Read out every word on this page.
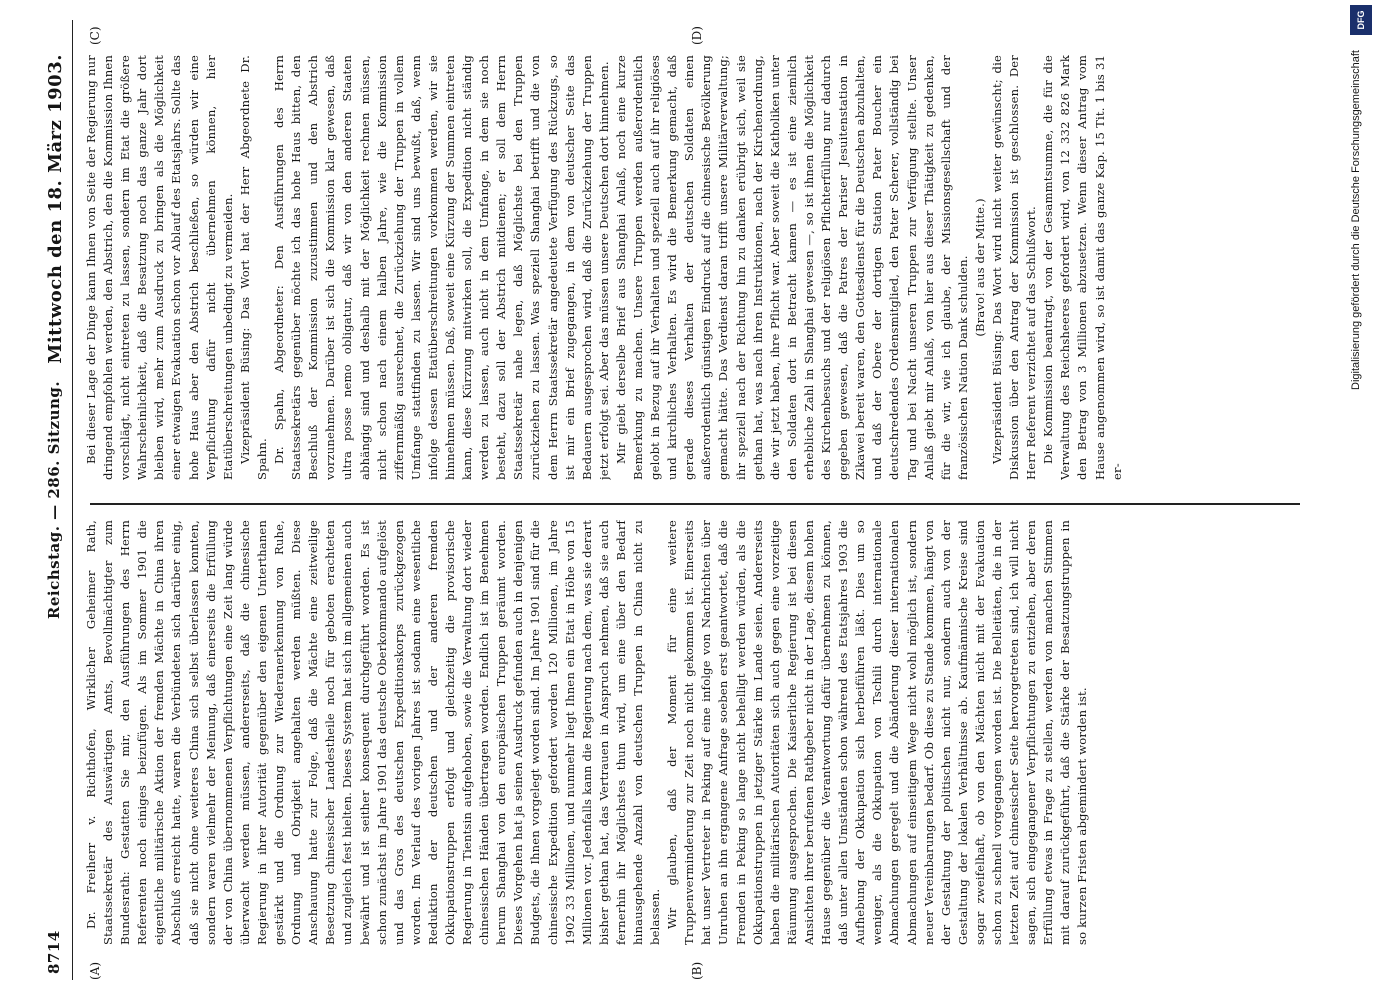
8714
Reichstag. — 286. Sitzung.
Mittwoch den 18. März 1903.
(A)	(B)
(C)	(D)

Dr. Freiherr v. Richthofen, Wirklicher Geheimer Rath, Staatssekretär des Auswärtigen Amts, Bevollmächtigter zum Bundesrath: Gestatten Sie mir, den Ausführungen des Herrn Referenten noch einiges beizufügen. Als im Sommer 1901 die eigentliche militärische Aktion der fremden Mächte in China ihren Abschluß erreicht hatte, waren die Verbündeten sich darüber einig, daß sie nicht ohne weiteres China sich selbst überlassen konnten, sondern waren vielmehr der Meinung, daß einerseits die Erfüllung der von China übernommenen Verpflichtungen eine Zeit lang würde überwacht werden müssen, andererseits, daß die chinesische Regierung in ihrer Autorität gegenüber den eigenen Unterthanen gestärkt und die Ordnung zur Wiederanerkennung von Ruhe, Ordnung und Obrigkeit angehalten werden müßten. Diese Anschauung hatte zur Folge, daß die Mächte eine zeitweilige Besetzung chinesischer Landestheile noch für geboten erachteten und zugleich fest hielten. Dieses System hat sich im allgemeinen auch bewährt und ist seither konsequent durchgeführt worden. Es ist schon zunächst im Jahre 1901 das deutsche Oberkommando aufgelöst und das Gros des deutschen Expeditionskorps zurückgezogen worden. Im Verlauf des vorigen Jahres ist sodann eine wesentliche Reduktion der deutschen und der anderen fremden Okkupationstruppen erfolgt und gleichzeitig die provisorische Regierung in Tientsin aufgehoben, sowie die Verwaltung dort wieder chinesischen Händen übertragen worden. Endlich ist im Benehmen herum Shanghai von den europäischen Truppen geräumt worden. Dieses Vorgehen hat ja seinen Ausdruck gefunden auch in denjenigen Budgets, die Ihnen vorgelegt worden sind. Im Jahre 1901 sind für die chinesische Expedition gefordert worden 120 Millionen, im Jahre 1902 33 Millionen, und nunmehr liegt Ihnen ein Etat in Höhe von 15 Millionen vor. Jedenfalls kann die Regierung nach dem, was sie derart bisher gethan hat, das Vertrauen in Anspruch nehmen, daß sie auch fernerhin ihr Möglichstes thun wird, um eine über den Bedarf hinausgehende Anzahl von deutschen Truppen in China nicht zu belassen. Wir glauben, daß der Moment für eine weitere Truppenverminderung zur Zeit noch nicht gekommen ist. Einerseits hat unser Vertreter in Peking auf eine infolge von Nachrichten über Unruhen an ihn ergangene Anfrage soeben erst geantwortet, daß die Fremden in Peking so lange nicht behelligt werden würden, als die Okkupationstruppen in jetziger Stärke im Lande seien. Andererseits haben die militärischen Autoritäten sich auch gegen eine vorzeitige Räumung ausgesprochen. Die Kaiserliche Regierung ist bei diesen Ansichten ihrer berufenen Rathgeber nicht in der Lage, diesem hohen Hause gegenüber die Verantwortung dafür übernehmen zu können, daß unter allen Umständen schon während des Etatsjahres 1903 die Aufhebung der Okkupation sich herbeiführen läßt. Dies um so weniger, als die Okkupation von Tschili durch internationale Abmachungen geregelt und die Abänderung dieser internationalen Abmachungen auf einseitigem Wege nicht wohl möglich ist, sondern neuer Vereinbarungen bedarf. Ob diese zu Stande kommen, hängt von der Gestaltung der politischen nicht nur, sondern auch von der Gestaltung der lokalen Verhältnisse ab. Kaufmännische Kreise sind sogar zweifelhaft, ob von den Mächten nicht mit der Evakuation schon zu schnell vorgegangen worden ist. Die Belleitäten, die in der letzten Zeit auf chinesischer Seite hervorgetreten sind, ich will nicht sagen, sich eingegangener Verpflichtungen zu entziehen, aber deren Erfüllung etwas in Frage zu stellen, werden von manchen Stimmen mit darauf zurückgeführt, daß die Stärke der Besatzungstruppen in so kurzen Fristen abgemindert worden ist.

Bei dieser Lage der Dinge kann Ihnen von Seite der Regierung nur dringend empfohlen werden, den Abstrich, den die Kommission Ihnen vorschlägt, nicht eintreten zu lassen, sondern im Etat die größere Wahrscheinlichkeit, daß die Besatzung noch das ganze Jahr dort bleiben wird, mehr zum Ausdruck zu bringen als die Möglichkeit einer etwaigen Evakuation schon vor Ablauf des Etatsjahrs. Sollte das hohe Haus aber den Abstrich beschließen, so würden wir eine Verpflichtung dafür nicht übernehmen können, hier Etatüberschreitungen unbedingt zu vermeiden. Vizepräsident Büsing: Das Wort hat der Herr Abgeordnete Dr. Spahn. Dr. Spahn, Abgeordneter: Den Ausführungen des Herrn Staatssekretärs gegenüber möchte ich das hohe Haus bitten, den Beschluß der Kommission zuzustimmen und den Abstrich vorzunehmen. Darüber ist sich die Kommission klar gewesen, daß ultra posse nemo obligatur, daß wir von den anderen Staaten abhängig sind und deshalb mit der Möglichkeit rechnen müssen, nicht schon nach einem halben Jahre, wie die Kommission ziffernmäßig ausrechnet, die Zurückziehung der Truppen in vollem Umfange stattfinden zu lassen. Wir sind uns bewußt, daß, wenn infolge dessen Etatüberschreitungen vorkommen werden, wir sie hinnehmen müssen. Daß, soweit eine Kürzung der Summen eintreten kann, diese Kürzung mitwirken soll, die Expedition nicht ständig werden zu lassen, auch nicht in dem Umfange, in dem sie noch besteht, dazu soll der Abstrich mitdienen; er soll dem Herrn Staatssekretär nahe legen, daß Möglichste bei den Truppen zurückziehen zu lassen. Was speziell Shanghai betrifft und die von dem Herrn Staatssekretär angedeutete Verfügung des Rückzugs, so ist mir ein Brief zugegangen, in dem von deutscher Seite das Bedauern ausgesprochen wird, daß die Zurückziehung der Truppen jetzt erfolgt sei. Aber das müssen unsere Deutschen dort hinnehmen. Mir giebt derselbe Brief aus Shanghai Anlaß, noch eine kurze Bemerkung zu machen. Unsere Truppen werden außerordentlich gelobt in Bezug auf ihr Verhalten und speziell auch auf ihr religiöses und kirchliches Verhalten. Es wird die Bemerkung gemacht, daß gerade dieses Verhalten der deutschen Soldaten einen außerordentlich günstigen Eindruck auf die chinesische Bevölkerung gemacht hätte. Das Verdienst daran trifft unsere Militärverwaltung; ihr speziell nach der Richtung hin zu danken erübrigt sich, weil sie gethan hat, was nach ihren Instruktionen, nach der Kirchenordnung, die wir jetzt haben, ihre Pflicht war. Aber soweit die Katholiken unter den Soldaten dort in Betracht kamen — es ist eine ziemlich erhebliche Zahl in Shanghai gewesen —, so ist ihnen die Möglichkeit des Kirchenbesuchs und der religiösen Pflichterfüllung nur dadurch gegeben gewesen, daß die Patres der Pariser Jesuitenstation in Zikawei bereit waren, den Gottesdienst für die Deutschen abzuhalten, und daß der Obere der dortigen Station Pater Boucher ein deutschredendes Ordensmitglied, den Pater Scherer, vollständig bei Tag und bei Nacht unseren Truppen zur Verfügung stellte. Unser Anlaß giebt mir Anlaß, von hier aus dieser Thätigkeit zu gedenken, für die wir, wie ich glaube, der Missionsgesellschaft und der französischen Nation Dank schulden. (Bravo! aus der Mitte.) Vizepräsident Büsing: Das Wort wird nicht weiter gewünscht; die Diskussion über den Antrag der Kommission ist geschlossen. Der Herr Referent verzichtet auf das Schlußwort. Die Kommission beantragt, von der Gesammtsumme, die für die Verwaltung des Reichsheeres gefordert wird, von 12 332 826 Mark den Betrag von 3 Millionen abzusetzen. Wenn dieser Antrag vom Hause angenommen wird, so ist damit das ganze Kap. 15 Tit. 1 bis 31 er-

Digitalisierung gefördert durch die Deutsche Forschungsgemeinschaft
DFG
